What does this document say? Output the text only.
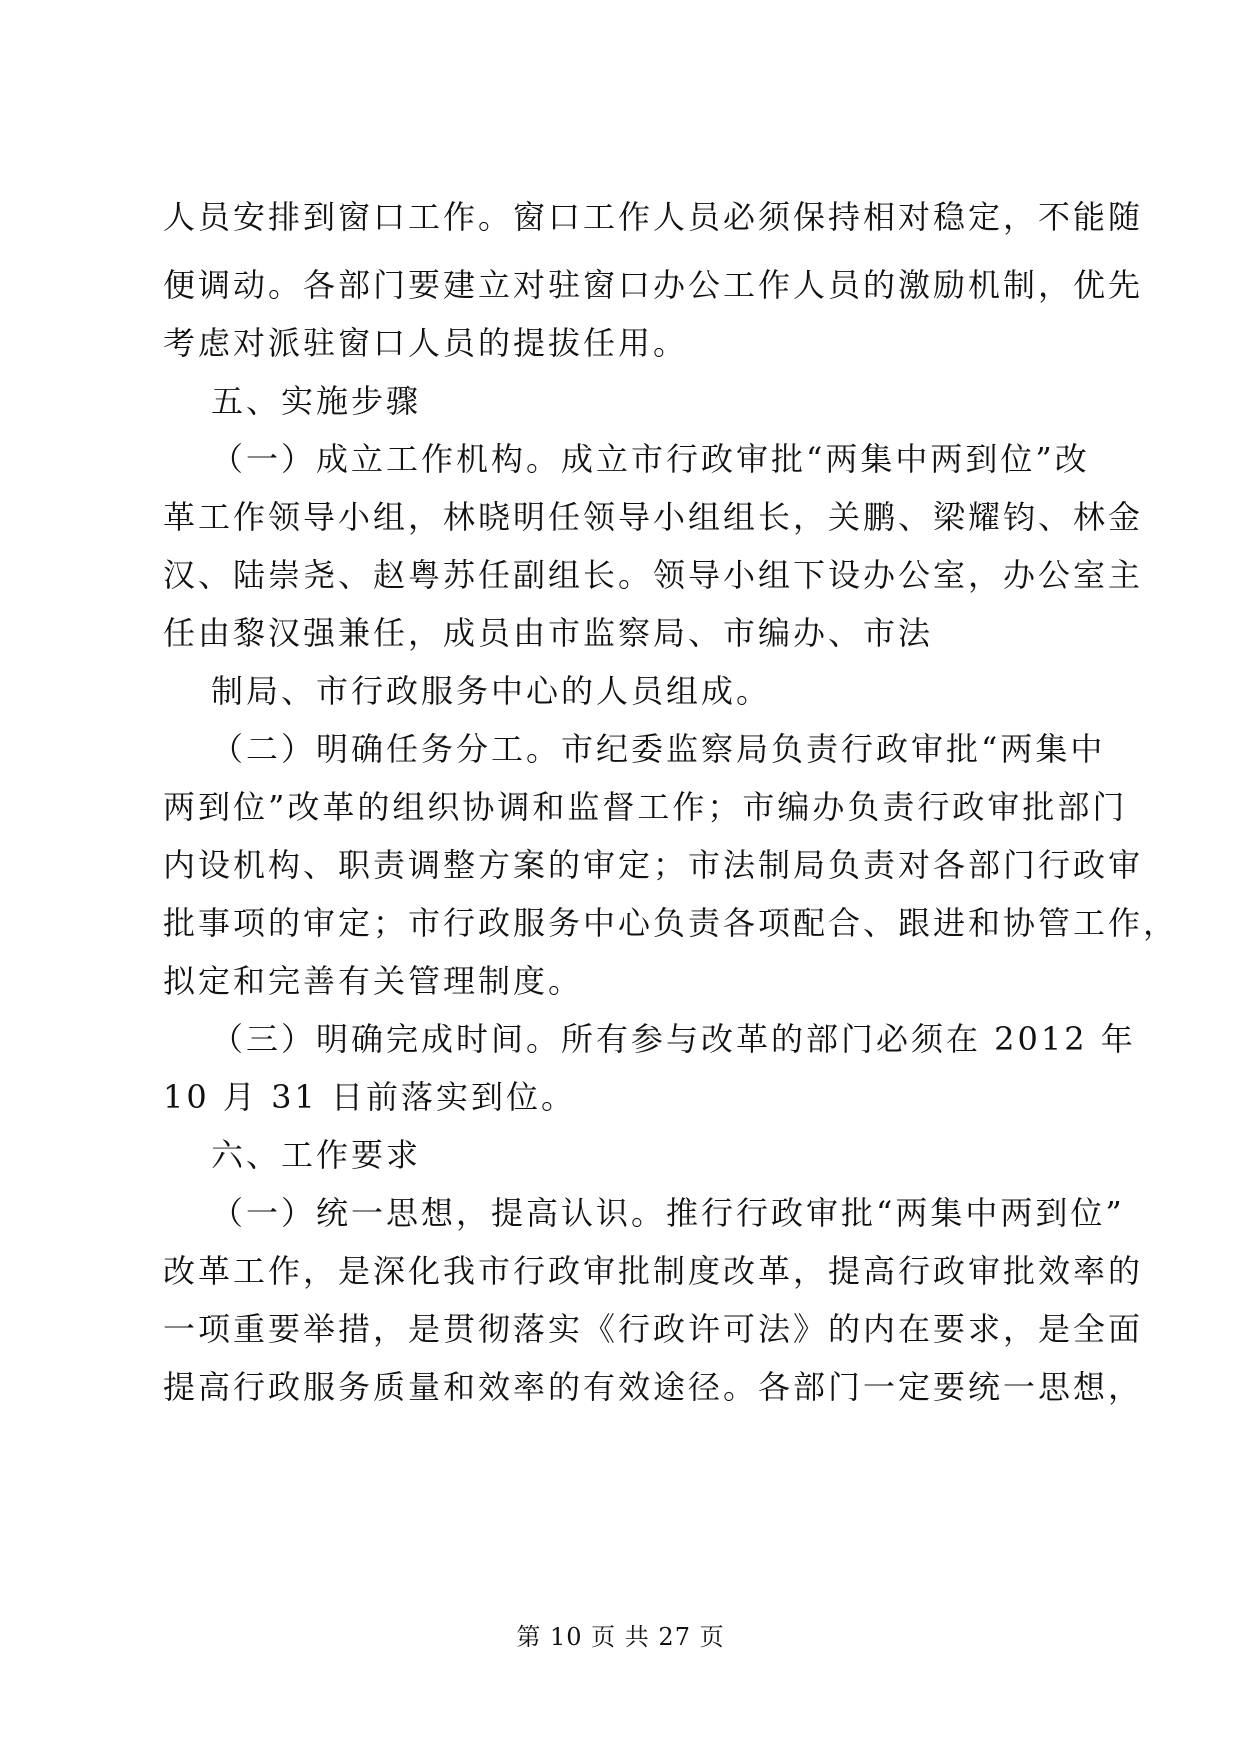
人员安排到窗口工作。窗口工作人员必须保持相对稳定，不能随

便调动。各部门要建立对驻窗口办公工作人员的激励机制，优先

考虑对派驻窗口人员的提拔任用。

五、实施步骤

（一）成立工作机构。成立市行政审批“两集中两到位”改

革工作领导小组，林晓明任领导小组组长，关鹏、梁耀钧、林金

汉、陆崇尧、赵粤苏任副组长。领导小组下设办公室，办公室主

任由黎汉强兼任，成员由市监察局、市编办、市法

制局、市行政服务中心的人员组成。

（二）明确任务分工。市纪委监察局负责行政审批“两集中

两到位”改革的组织协调和监督工作；市编办负责行政审批部门

内设机构、职责调整方案的审定；市法制局负责对各部门行政审

批事项的审定；市行政服务中心负责各项配合、跟进和协管工作，

拟定和完善有关管理制度。

（三）明确完成时间。所有参与改革的部门必须在 2012 年

10 月 31 日前落实到位。

六、工作要求

（一）统一思想，提高认识。推行行政审批“两集中两到位”

改革工作，是深化我市行政审批制度改革，提高行政审批效率的

一项重要举措，是贯彻落实《行政许可法》的内在要求，是全面

提高行政服务质量和效率的有效途径。各部门一定要统一思想，

第 10 页 共 27 页
